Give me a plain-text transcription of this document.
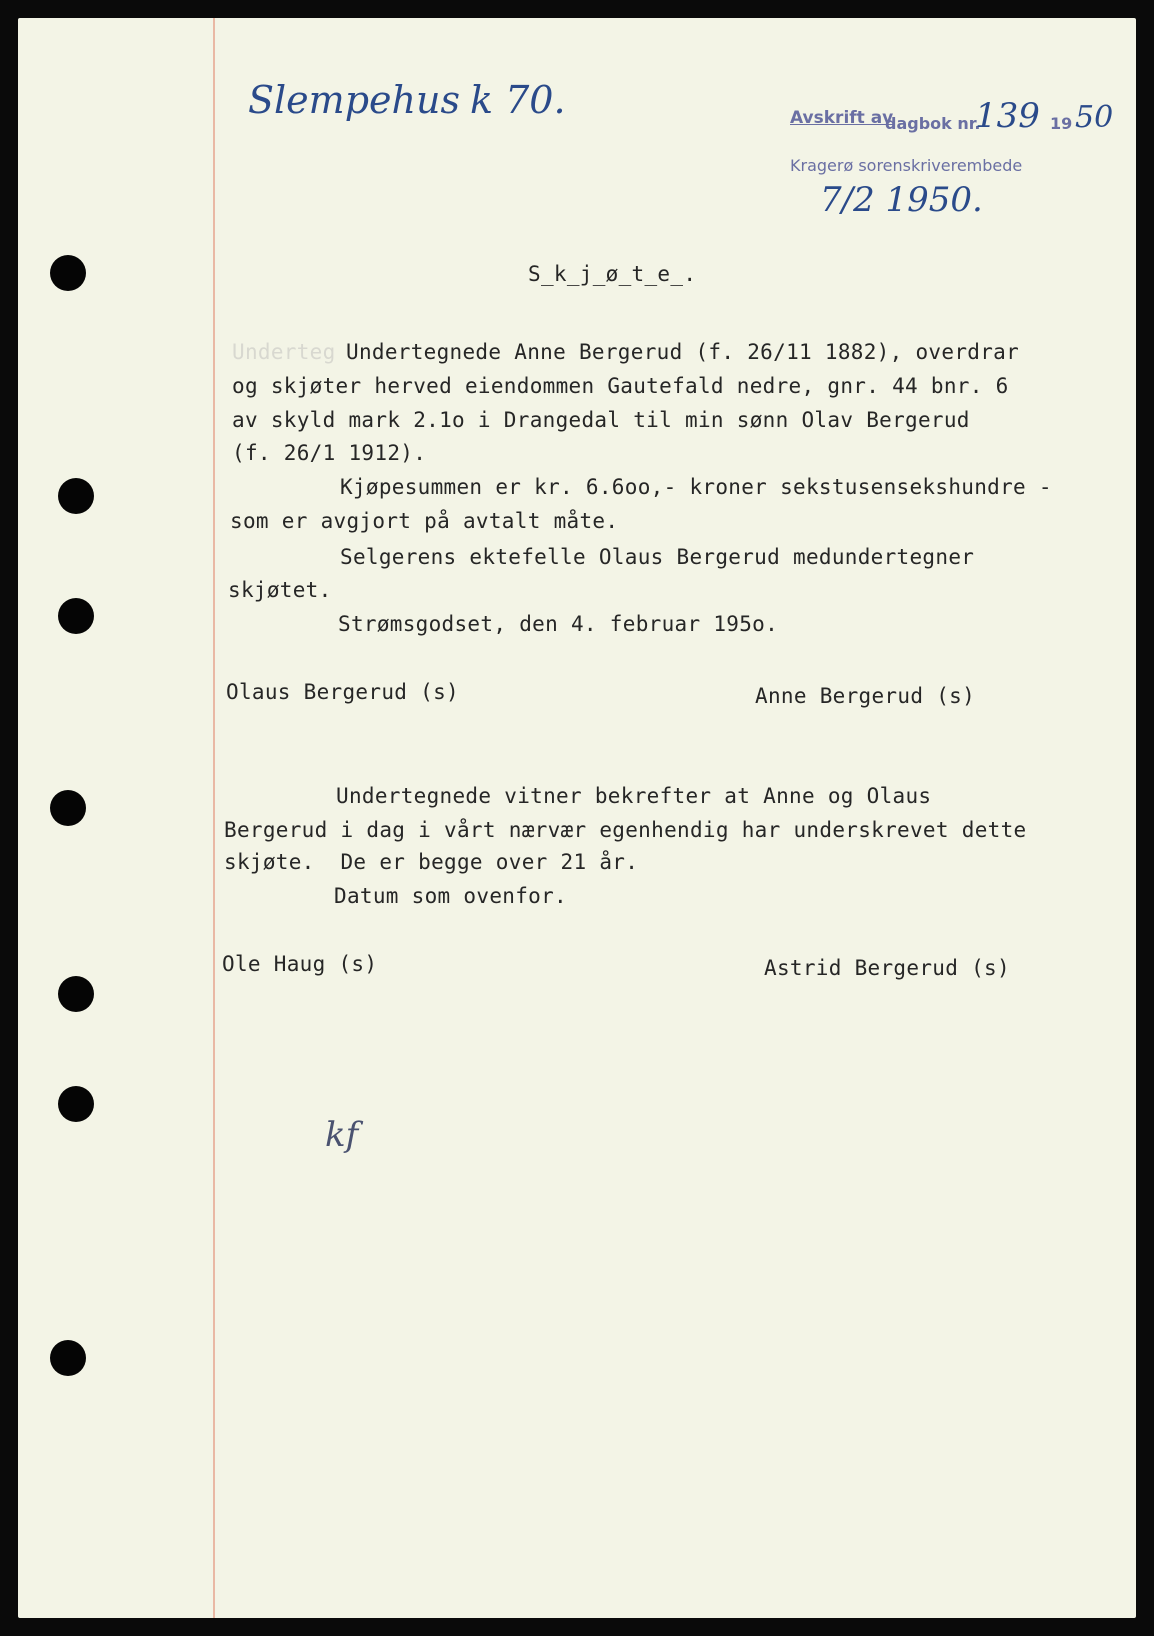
Slempehus k 70.	Avskrift av
dagbok nr.
139 19 50
Kragerø sorenskriverembede
7/2 1950.
S_k_j_ø_t_e_.
Underteg Undertegnede Anne Bergerud (f. 26/11 1882), overdrar
og skjøter herved eiendommen Gautefald nedre, gnr. 44 bnr. 6
av skyld mark 2.1o i Drangedal til min sønn Olav Bergerud
(f. 26/1 1912).
Kjøpesummen er kr. 6.6oo,- kroner sekstusensekshundre -
som er avgjort på avtalt måte.
Selgerens ektefelle Olaus Bergerud medundertegner
skjøtet.
Strømsgodset, den 4. februar 195o.
Olaus Bergerud (s)	Anne Bergerud (s)
Undertegnede vitner bekrefter at Anne og Olaus
Bergerud i dag i vårt nærvær egenhendig har underskrevet dette
skjøte.  De er begge over 21 år.
Datum som ovenfor.
Ole Haug (s)	Astrid Bergerud (s)
kf
